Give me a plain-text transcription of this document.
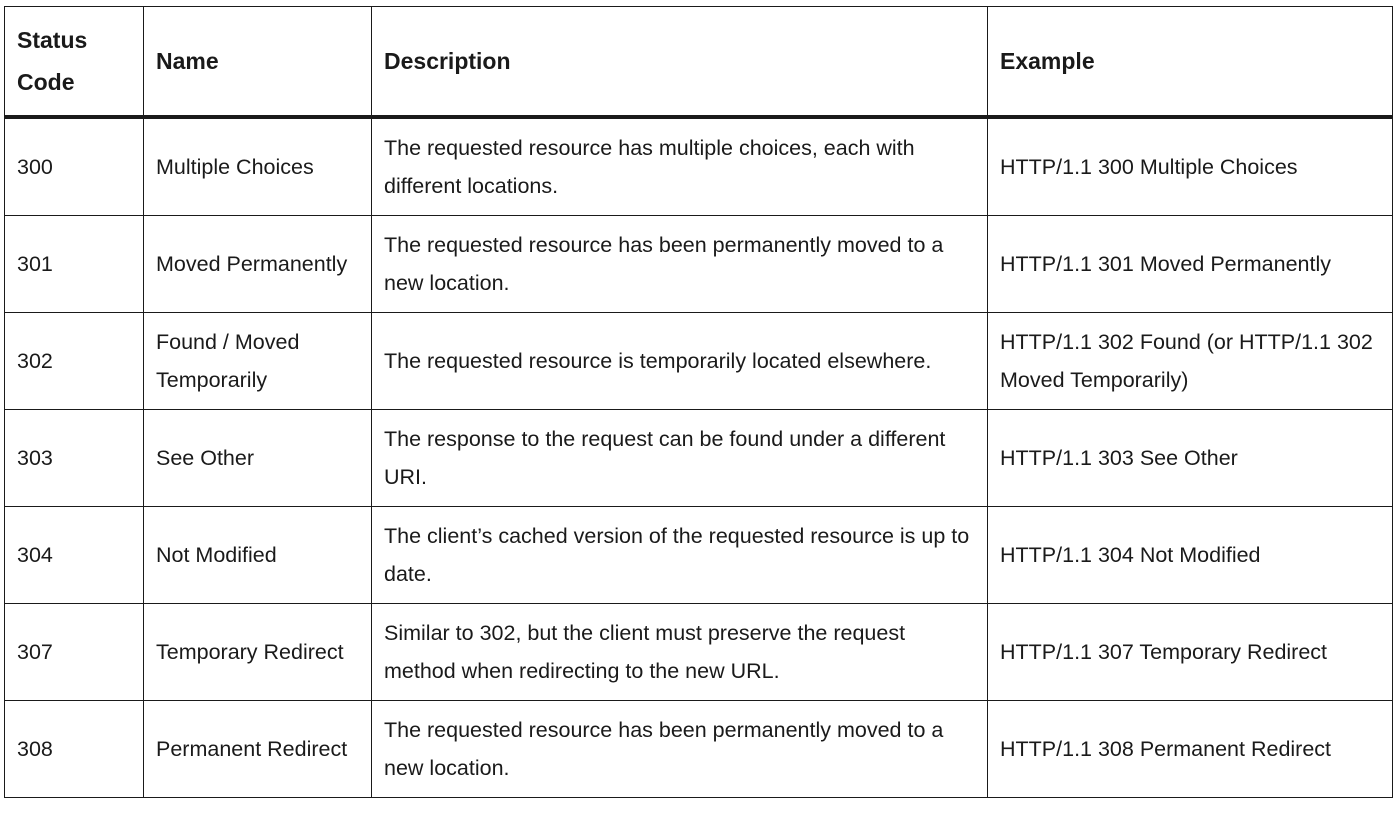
Status
Code	Name	Description	Example
300	Multiple Choices	The requested resource has multiple choices, each with different locations.	HTTP/1.1 300 Multiple Choices
301	Moved Permanently	The requested resource has been permanently moved to a new location.	HTTP/1.1 301 Moved Permanently
302	Found / Moved Temporarily	The requested resource is temporarily located elsewhere.	HTTP/1.1 302 Found (or HTTP/1.1 302 Moved Temporarily)
303	See Other	The response to the request can be found under a different URI.	HTTP/1.1 303 See Other
304	Not Modified	The client’s cached version of the requested resource is up to date.	HTTP/1.1 304 Not Modified
307	Temporary Redirect	Similar to 302, but the client must preserve the request method when redirecting to the new URL.	HTTP/1.1 307 Temporary Redirect
308	Permanent Redirect	The requested resource has been permanently moved to a new location.	HTTP/1.1 308 Permanent Redirect
